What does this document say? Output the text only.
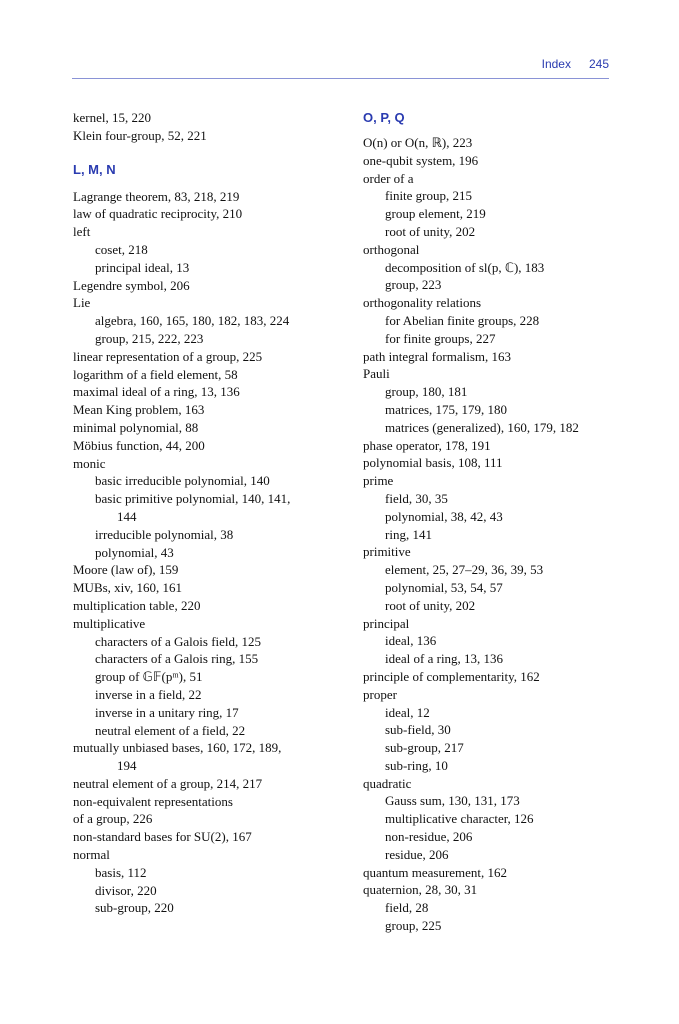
Index 245
kernel, 15, 220
Klein four-group, 52, 221
L, M, N
Lagrange theorem, 83, 218, 219
law of quadratic reciprocity, 210
left
coset, 218
principal ideal, 13
Legendre symbol, 206
Lie
algebra, 160, 165, 180, 182, 183, 224
group, 215, 222, 223
linear representation of a group, 225
logarithm of a field element, 58
maximal ideal of a ring, 13, 136
Mean King problem, 163
minimal polynomial, 88
Möbius function, 44, 200
monic
basic irreducible polynomial, 140
basic primitive polynomial, 140, 141,
144
irreducible polynomial, 38
polynomial, 43
Moore (law of), 159
MUBs, xiv, 160, 161
multiplication table, 220
multiplicative
characters of a Galois field, 125
characters of a Galois ring, 155
group of 𝔾𝔽(pᵐ), 51
inverse in a field, 22
inverse in a unitary ring, 17
neutral element of a field, 22
mutually unbiased bases, 160, 172, 189,
194
neutral element of a group, 214, 217
non-equivalent representations
of a group, 226
non-standard bases for SU(2), 167
normal
basis, 112
divisor, 220
sub-group, 220
O, P, Q
O(n) or O(n, ℝ), 223
one-qubit system, 196
order of a
finite group, 215
group element, 219
root of unity, 202
orthogonal
decomposition of sl(p, ℂ), 183
group, 223
orthogonality relations
for Abelian finite groups, 228
for finite groups, 227
path integral formalism, 163
Pauli
group, 180, 181
matrices, 175, 179, 180
matrices (generalized), 160, 179, 182
phase operator, 178, 191
polynomial basis, 108, 111
prime
field, 30, 35
polynomial, 38, 42, 43
ring, 141
primitive
element, 25, 27–29, 36, 39, 53
polynomial, 53, 54, 57
root of unity, 202
principal
ideal, 136
ideal of a ring, 13, 136
principle of complementarity, 162
proper
ideal, 12
sub-field, 30
sub-group, 217
sub-ring, 10
quadratic
Gauss sum, 130, 131, 173
multiplicative character, 126
non-residue, 206
residue, 206
quantum measurement, 162
quaternion, 28, 30, 31
field, 28
group, 225
